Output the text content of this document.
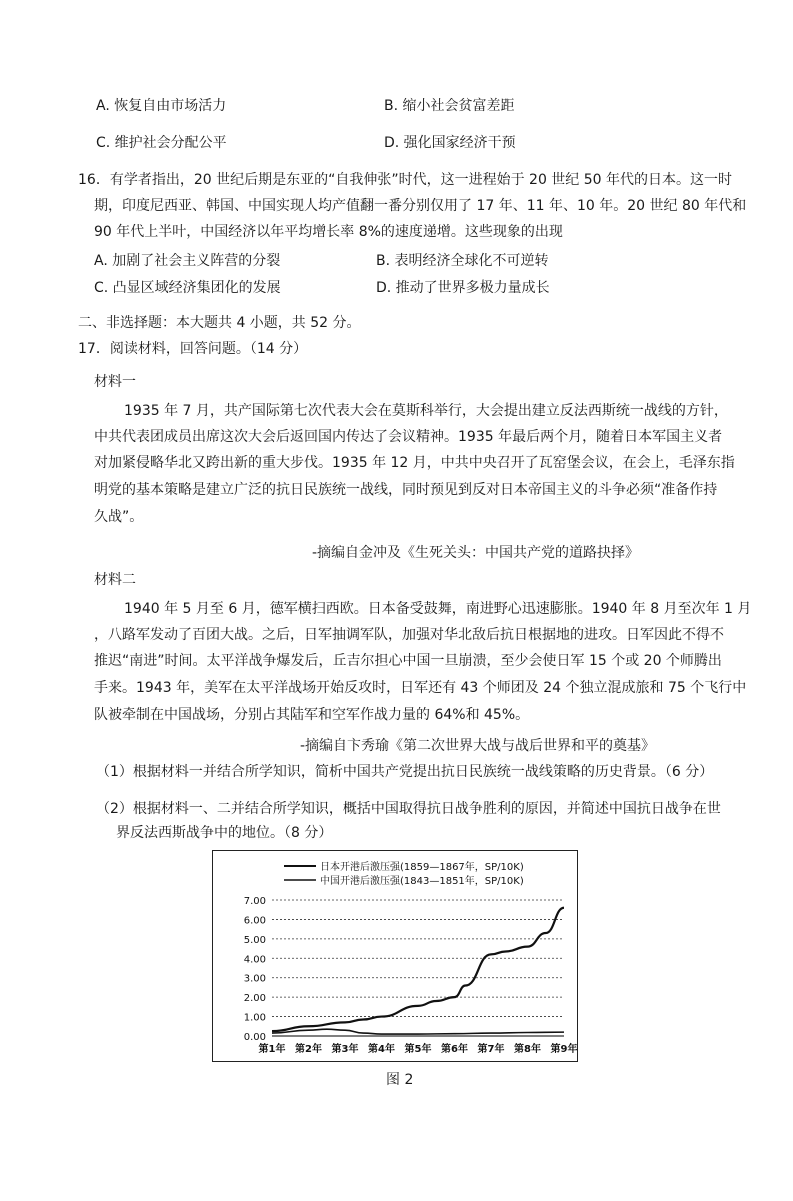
A. 恢复自由市场活力	B. 缩小社会贫富差距
C. 维护社会分配公平	D. 强化国家经济干预
16．有学者指出，20 世纪后期是东亚的“自我伸张”时代，这一进程始于 20 世纪 50 年代的日本。这一时
期，印度尼西亚、韩国、中国实现人均产值翻一番分别仅用了 17 年、11 年、10 年。20 世纪 80 年代和
90 年代上半叶，中国经济以年平均增长率 8%的速度递增。这些现象的出现
A. 加剧了社会主义阵营的分裂	B. 表明经济全球化不可逆转
C. 凸显区域经济集团化的发展	D. 推动了世界多极力量成长
二、非选择题：本大题共 4 小题，共 52 分。
17．阅读材料，回答问题。（14 分）
材料一
1935 年 7 月，共产国际第七次代表大会在莫斯科举行，大会提出建立反法西斯统一战线的方针，
中共代表团成员出席这次大会后返回国内传达了会议精神。1935 年最后两个月，随着日本军国主义者
对加紧侵略华北又跨出新的重大步伐。1935 年 12 月，中共中央召开了瓦窑堡会议，在会上，毛泽东指
明党的基本策略是建立广泛的抗日民族统一战线，同时预见到反对日本帝国主义的斗争必须“准备作持
久战”。
-摘编自金冲及《生死关头：中国共产党的道路抉择》
材料二
1940 年 5 月至 6 月，德军横扫西欧。日本备受鼓舞，南进野心迅速膨胀。1940 年 8 月至次年 1 月
，八路军发动了百团大战。之后，日军抽调军队，加强对华北敌后抗日根据地的进攻。日军因此不得不
推迟“南进”时间。太平洋战争爆发后，丘吉尔担心中国一旦崩溃，至少会使日军 15 个或 20 个师腾出
手来。1943 年，美军在太平洋战场开始反攻时，日军还有 43 个师团及 24 个独立混成旅和 75 个飞行中
队被牵制在中国战场，分别占其陆军和空军作战力量的 64%和 45%。
-摘编自卞秀瑜《第二次世界大战与战后世界和平的奠基》
（1）根据材料一并结合所学知识，简析中国共产党提出抗日民族统一战线策略的历史背景。（6 分）
（2）根据材料一、二并结合所学知识，概括中国取得抗日战争胜利的原因，并简述中国抗日战争在世
界反法西斯战争中的地位。（8 分）
日本开港后激压强(1859—1867年，SP/10K)
中国开港后激压强(1843—1851年，SP/10K)
0.00
1.00
2.00
3.00
4.00
5.00
6.00
7.00
第1年 第2年 第3年 第4年 第5年 第6年 第7年 第8年 第9年
图 2
